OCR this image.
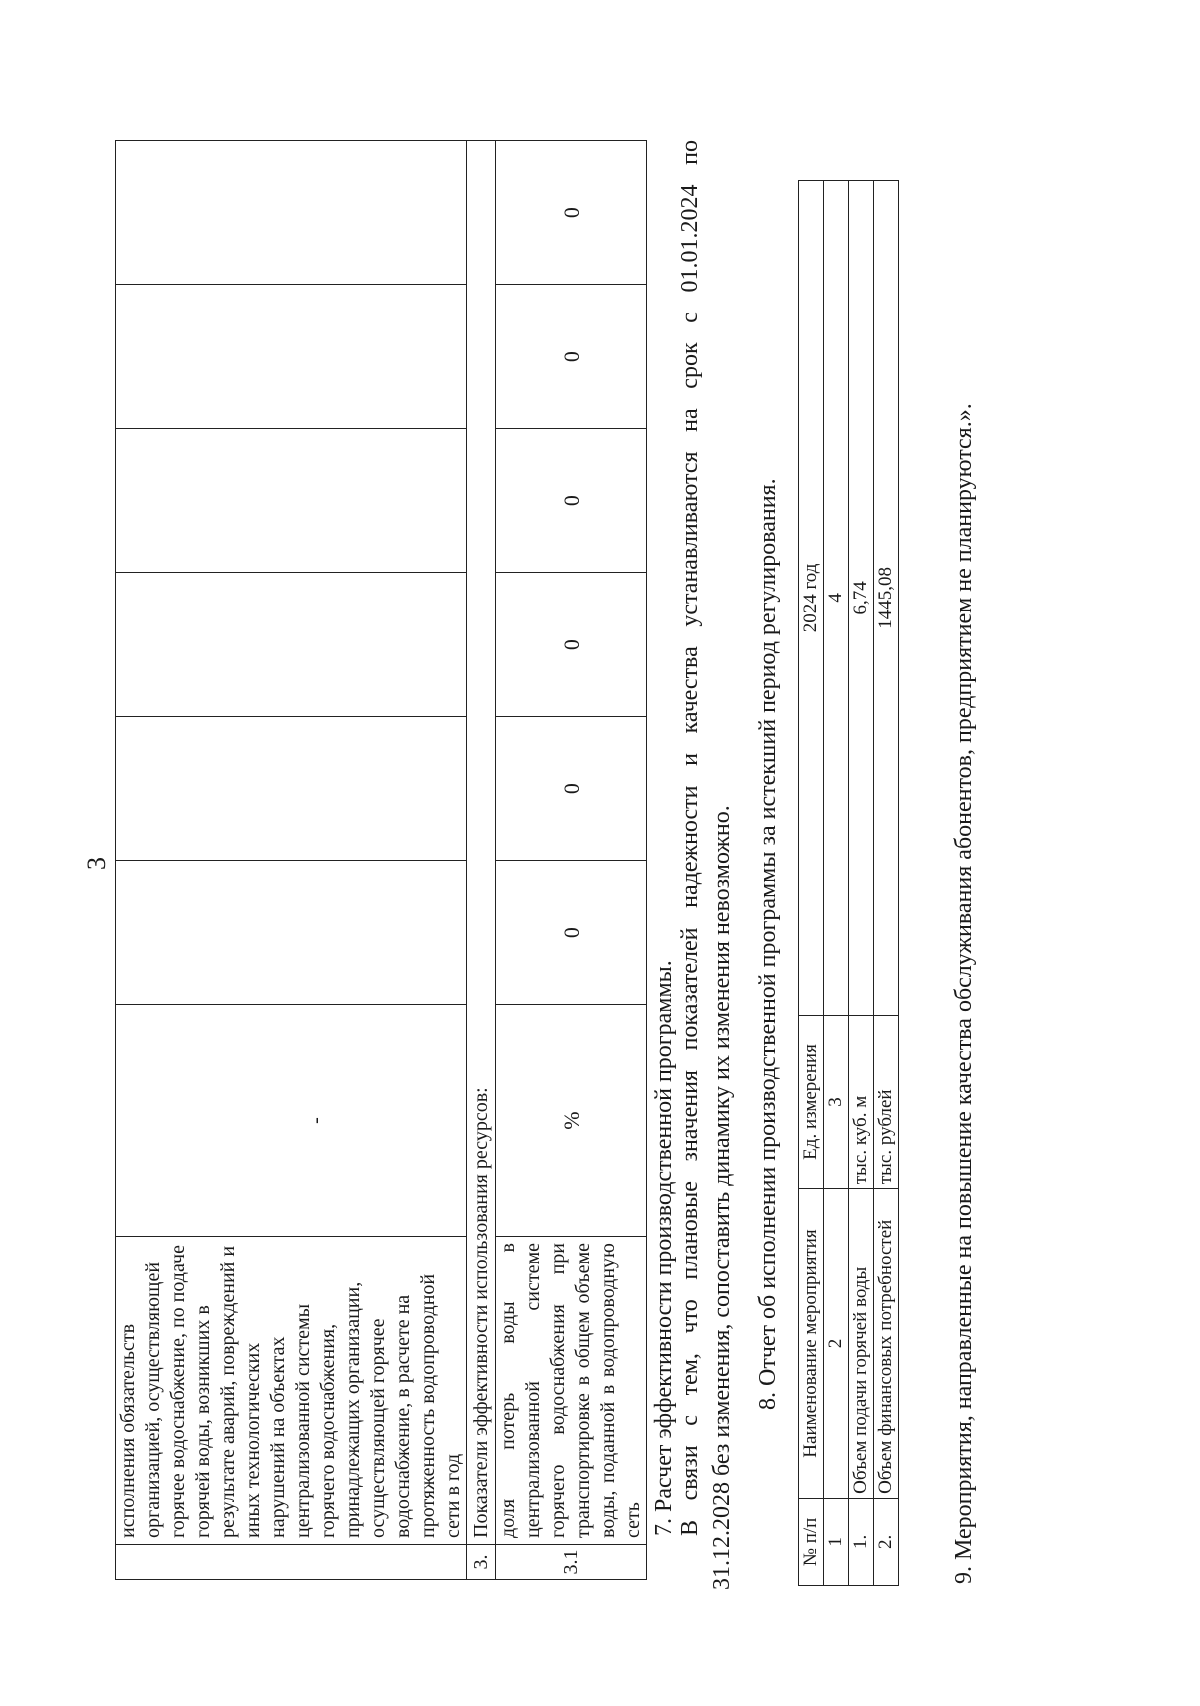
3
	исполнения обязательств организацией, осуществляющей горячее водоснабжение, по подаче горячей воды, возникших в результате аварий, повреждений и иных технологических нарушений на объектах централизованной системы горячего водоснабжения, принадлежащих организации, осуществляющей горячее водоснабжение, в расчете на протяженность водопроводной сети в год	-						

3.	Показатели эффективности использования ресурсов:							
3.1	доля потерь воды в централизованной системе горячего водоснабжения при транспортировке в общем объеме воды, поданной в водопроводную сеть	%	0	0	0	0	0	0
7. Расчет эффективности производственной программы. В связи с тем, что плановые значения показателей надежности и качества устанавливаются на срок с 01.01.2024 по 31.12.2028 без изменения, сопоставить динамику их изменения невозможно. 8. Отчет об исполнении производственной программы за истекший период регулирования.
№ п/п	Наименование мероприятия	Ед. измерения	2024 год
1	2	3	4
1.	Объем подачи горячей воды	тыс. куб. м	6,74
2.	Объем финансовых потребностей	тыс. рублей	1445,08 9. Мероприятия, направленные на повышение качества обслуживания абонентов, предприятием не планируются.».
